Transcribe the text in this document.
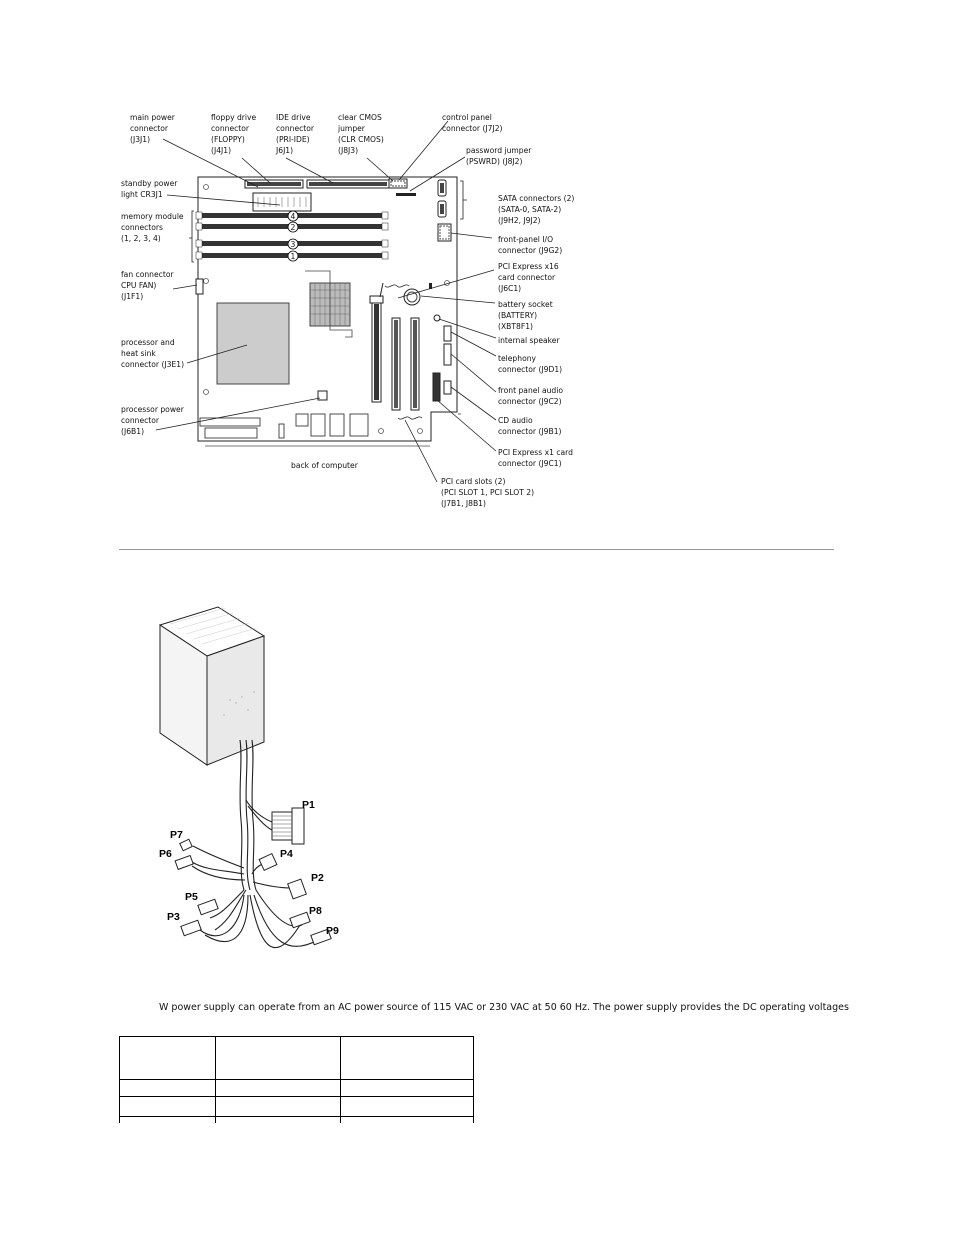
4
2
3
1
main power
connector
(J3J1)
floppy drive
connector
(FLOPPY)
(J4J1)
IDE drive
connector
(PRI-IDE)
J6J1)
clear CMOS
jumper
(CLR CMOS)
(J8J3)
control panel
connector (J7J2)
password jumper
(PSWRD) (J8J2)
standby power
light CR3J1
memory module
connectors
(1, 2, 3, 4)
SATA connectors (2)
(SATA-0, SATA-2)
(J9H2, J9J2)
front-panel I/O
connector (J9G2)
fan connector
CPU FAN)
(J1F1)
PCI Express x16
card connector
(J6C1)
battery socket
(BATTERY)
(XBT8F1)
internal speaker
processor and
heat sink
connector (J3E1)
telephony
connector (J9D1)
front panel audio
connector (J9C2)
processor power
connector
(J6B1)
CD audio
connector (J9B1)
PCI Express x1 card
connector (J9C1)
back of computer
PCI card slots (2)
(PCI SLOT 1, PCI SLOT 2)
(J7B1, J8B1)
P1
P7
P6	P4
P2
P5
P8
P3
P9
W power supply can operate from an AC power source of 115 VAC or 230 VAC at 50 60 Hz. The power supply provides the DC operating voltages
